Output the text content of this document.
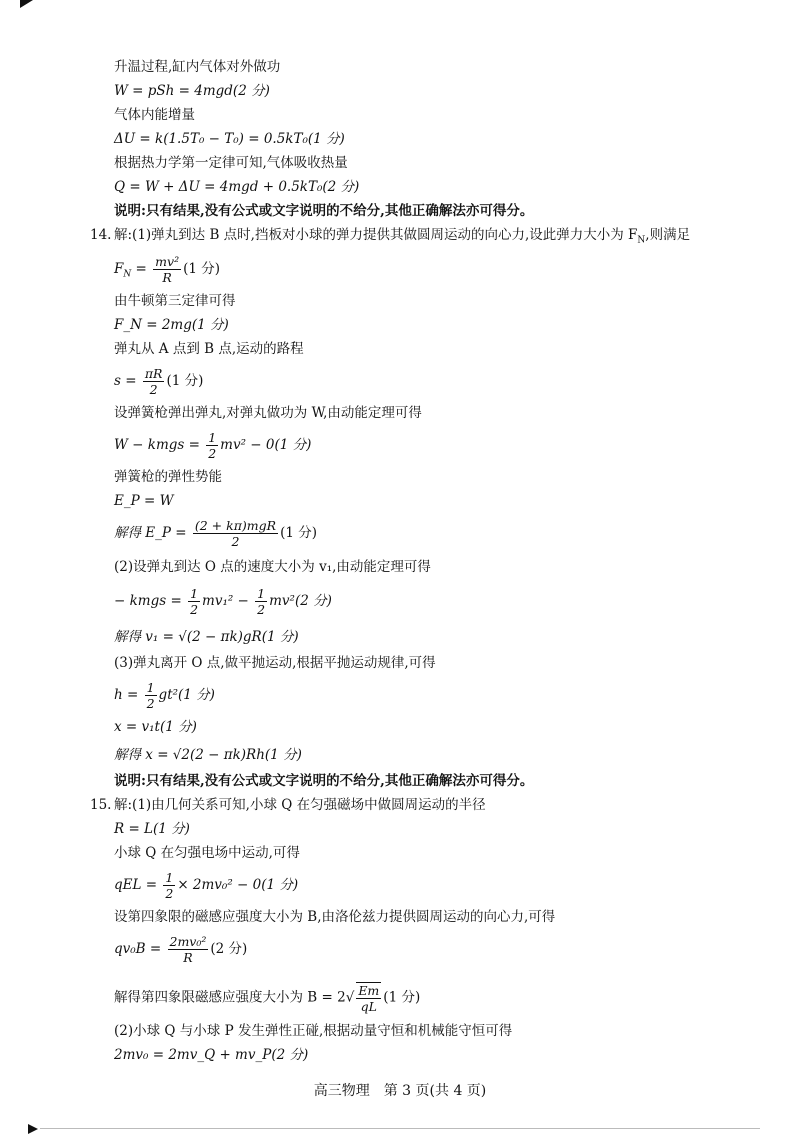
升温过程,缸内气体对外做功
W = pSh = 4mgd(2 分)
气体内能增量
ΔU = k(1.5T₀ − T₀) = 0.5kT₀(1 分)
根据热力学第一定律可知,气体吸收热量
Q = W + ΔU = 4mgd + 0.5kT₀(2 分)
说明:只有结果,没有公式或文字说明的不给分,其他正确解法亦可得分。
14. 解:(1)弹丸到达 B 点时,挡板对小球的弹力提供其做圆周运动的向心力,设此弹力大小为 $F_N$,则满足
$F_N = \frac{\text{mv²}}{R} (1$ 分)
由牛顿第三定律可得
F_N = 2mg(1 分)
弹丸从 A 点到 B 点,运动的路程
$s = \frac{\pi R}{2} (1$ 分)
设弹簧枪弹出弹丸,对弹丸做功为 W,由动能定理可得
W − kmgs = $\frac{1}{2} mv^2 - 0(1$ 分)
弹簧枪的弹性势能
E_P = W
解得 E_P = $\frac{\text{(2 + kπ)mgR}}{2} (1$ 分)
(2)设弹丸到达 O 点的速度大小为 v₁,由动能定理可得
− kmgs = $\frac{1}{2} mv_1^2 - \frac{1}{2} mv^2(2$ 分)
解得 v₁ = √(2 − πk)gR(1 分)
(3)弹丸离开 O 点,做平抛运动,根据平抛运动规律,可得
$h = \frac{1}{2} gt^2(1$ 分)
x = v₁t(1 分)
解得 x = √2(2 − πk)Rh(1 分)
说明:只有结果,没有公式或文字说明的不给分,其他正确解法亦可得分。
15. 解:(1)由几何关系可知,小球 Q 在匀强磁场中做圆周运动的半径
R = L(1 分)
小球 Q 在匀强电场中运动,可得
qEL = $\frac{1}{2} \times 2mv_0^2 - 0(1$ 分)
设第四象限的磁感应强度大小为 B,由洛伦兹力提供圆周运动的向心力,可得
$qv_0B = \frac{\text{2mv₀²}}{R} (2$ 分)
解得第四象限磁感应强度大小为 $B = 2√ \frac{Em}{qL} (1$ 分)
(2)小球 Q 与小球 P 发生弹性正碰,根据动量守恒和机械能守恒可得
2mv₀ = 2mv_Q + mv_P(2 分)
高三物理　第 3 页(共 4 页)
